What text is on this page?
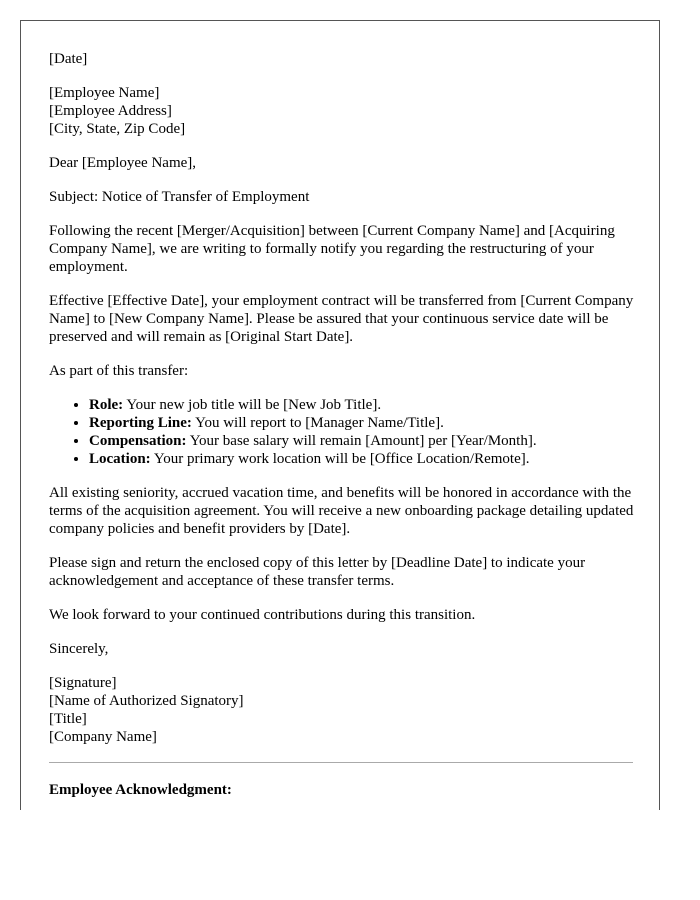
[Date]

[Employee Name]
[Employee Address]
[City, State, Zip Code]

Dear [Employee Name],

Subject: Notice of Transfer of Employment

Following the recent [Merger/Acquisition] between [Current Company Name] and [Acquiring Company Name], we are writing to formally notify you regarding the restructuring of your employment.

Effective [Effective Date], your employment contract will be transferred from [Current Company Name] to [New Company Name]. Please be assured that your continuous service date will be preserved and will remain as [Original Start Date].

As part of this transfer:

• Role: Your new job title will be [New Job Title].
• Reporting Line: You will report to [Manager Name/Title].
• Compensation: Your base salary will remain [Amount] per [Year/Month].
• Location: Your primary work location will be [Office Location/Remote].

All existing seniority, accrued vacation time, and benefits will be honored in accordance with the terms of the acquisition agreement. You will receive a new onboarding package detailing updated company policies and benefit providers by [Date].

Please sign and return the enclosed copy of this letter by [Deadline Date] to indicate your acknowledgement and acceptance of these transfer terms.

We look forward to your continued contributions during this transition.

Sincerely,

[Signature]
[Name of Authorized Signatory]
[Title]
[Company Name]

Employee Acknowledgment:
